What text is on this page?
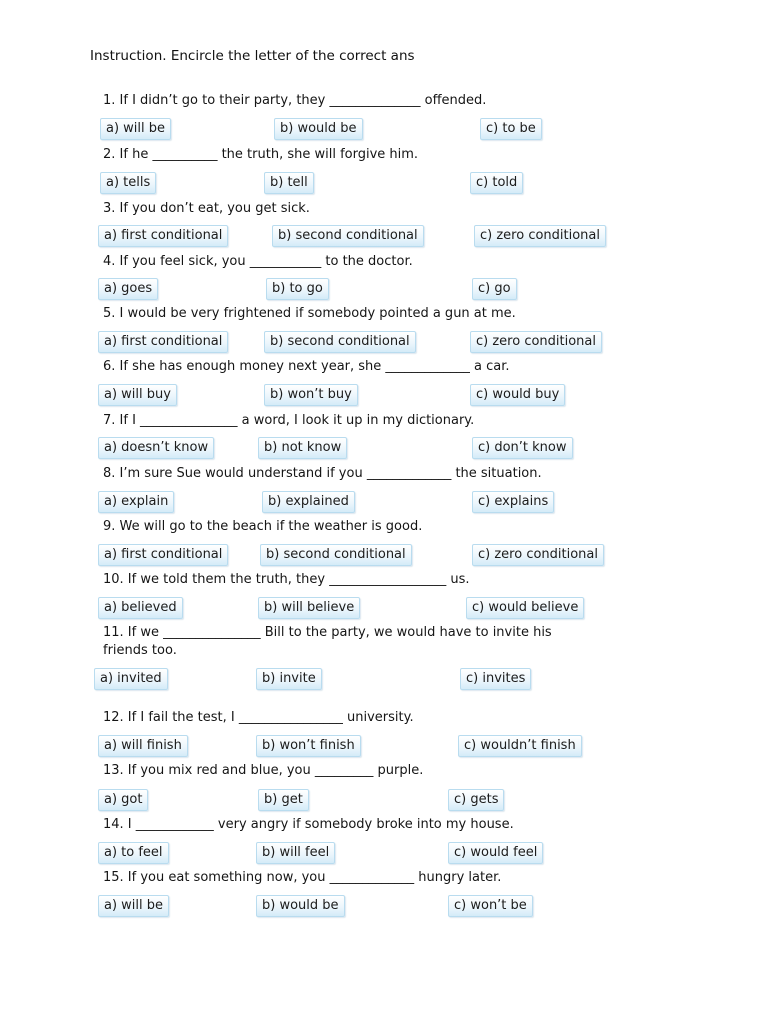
Instruction. Encircle the letter of the correct ans
1. If I didn’t go to their party, they ______________ offended.
a) will be	b) would be	c) to be
2. If he __________ the truth, she will forgive him.
a) tells	b) tell	c) told
3. If you don’t eat, you get sick.
a) first conditional	b) second conditional	c) zero conditional
4. If you feel sick, you ___________ to the doctor.
a) goes	b) to go	c) go
5. I would be very frightened if somebody pointed a gun at me.
a) first conditional	b) second conditional	c) zero conditional
6. If she has enough money next year, she _____________ a car.
a) will buy	b) won’t buy	c) would buy
7. If I _______________ a word, I look it up in my dictionary.
a) doesn’t know	b) not know	c) don’t know
8. I’m sure Sue would understand if you _____________ the situation.
a) explain	b) explained	c) explains
9. We will go to the beach if the weather is good.
a) first conditional	b) second conditional	c) zero conditional
10. If we told them the truth, they __________________ us.
a) believed	b) will believe	c) would believe
11. If we _______________ Bill to the party, we would have to invite his friends too.
a) invited	b) invite	c) invites
12. If I fail the test, I ________________ university.
a) will finish	b) won’t finish	c) wouldn’t finish
13. If you mix red and blue, you _________ purple.
a) got	b) get	c) gets
14. I ____________ very angry if somebody broke into my house.
a) to feel	b) will feel	c) would feel
15. If you eat something now, you _____________ hungry later.
a) will be	b) would be	c) won’t be
